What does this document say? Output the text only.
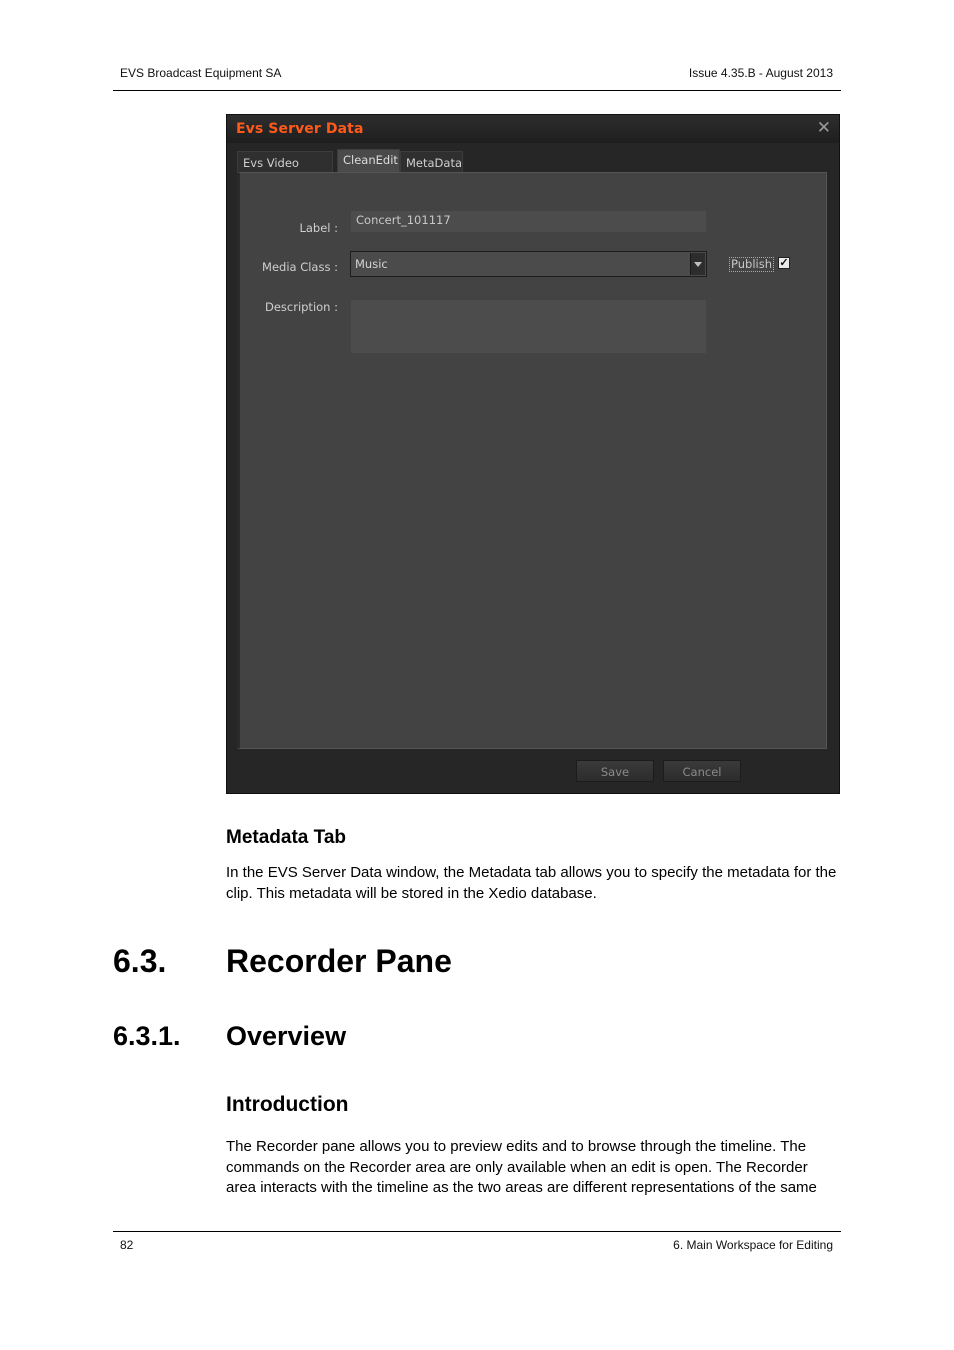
EVS Broadcast Equipment SA	Issue 4.35.B - August 2013
Evs Server Data	✕
Evs Video	CleanEdit MetaData
Label :
Concert_101117
Media Class : Music	Publish ✓
Description :
Save	Cancel
Metadata Tab
In the EVS Server Data window, the Metadata tab allows you to specify the metadata for the clip. This metadata will be stored in the Xedio database.
6.3. Recorder Pane
6.3.1. Overview
Introduction
The Recorder pane allows you to preview edits and to browse through the timeline. The commands on the Recorder area are only available when an edit is open. The Recorder area interacts with the timeline as the two areas are different representations of the same
82	6. Main Workspace for Editing
